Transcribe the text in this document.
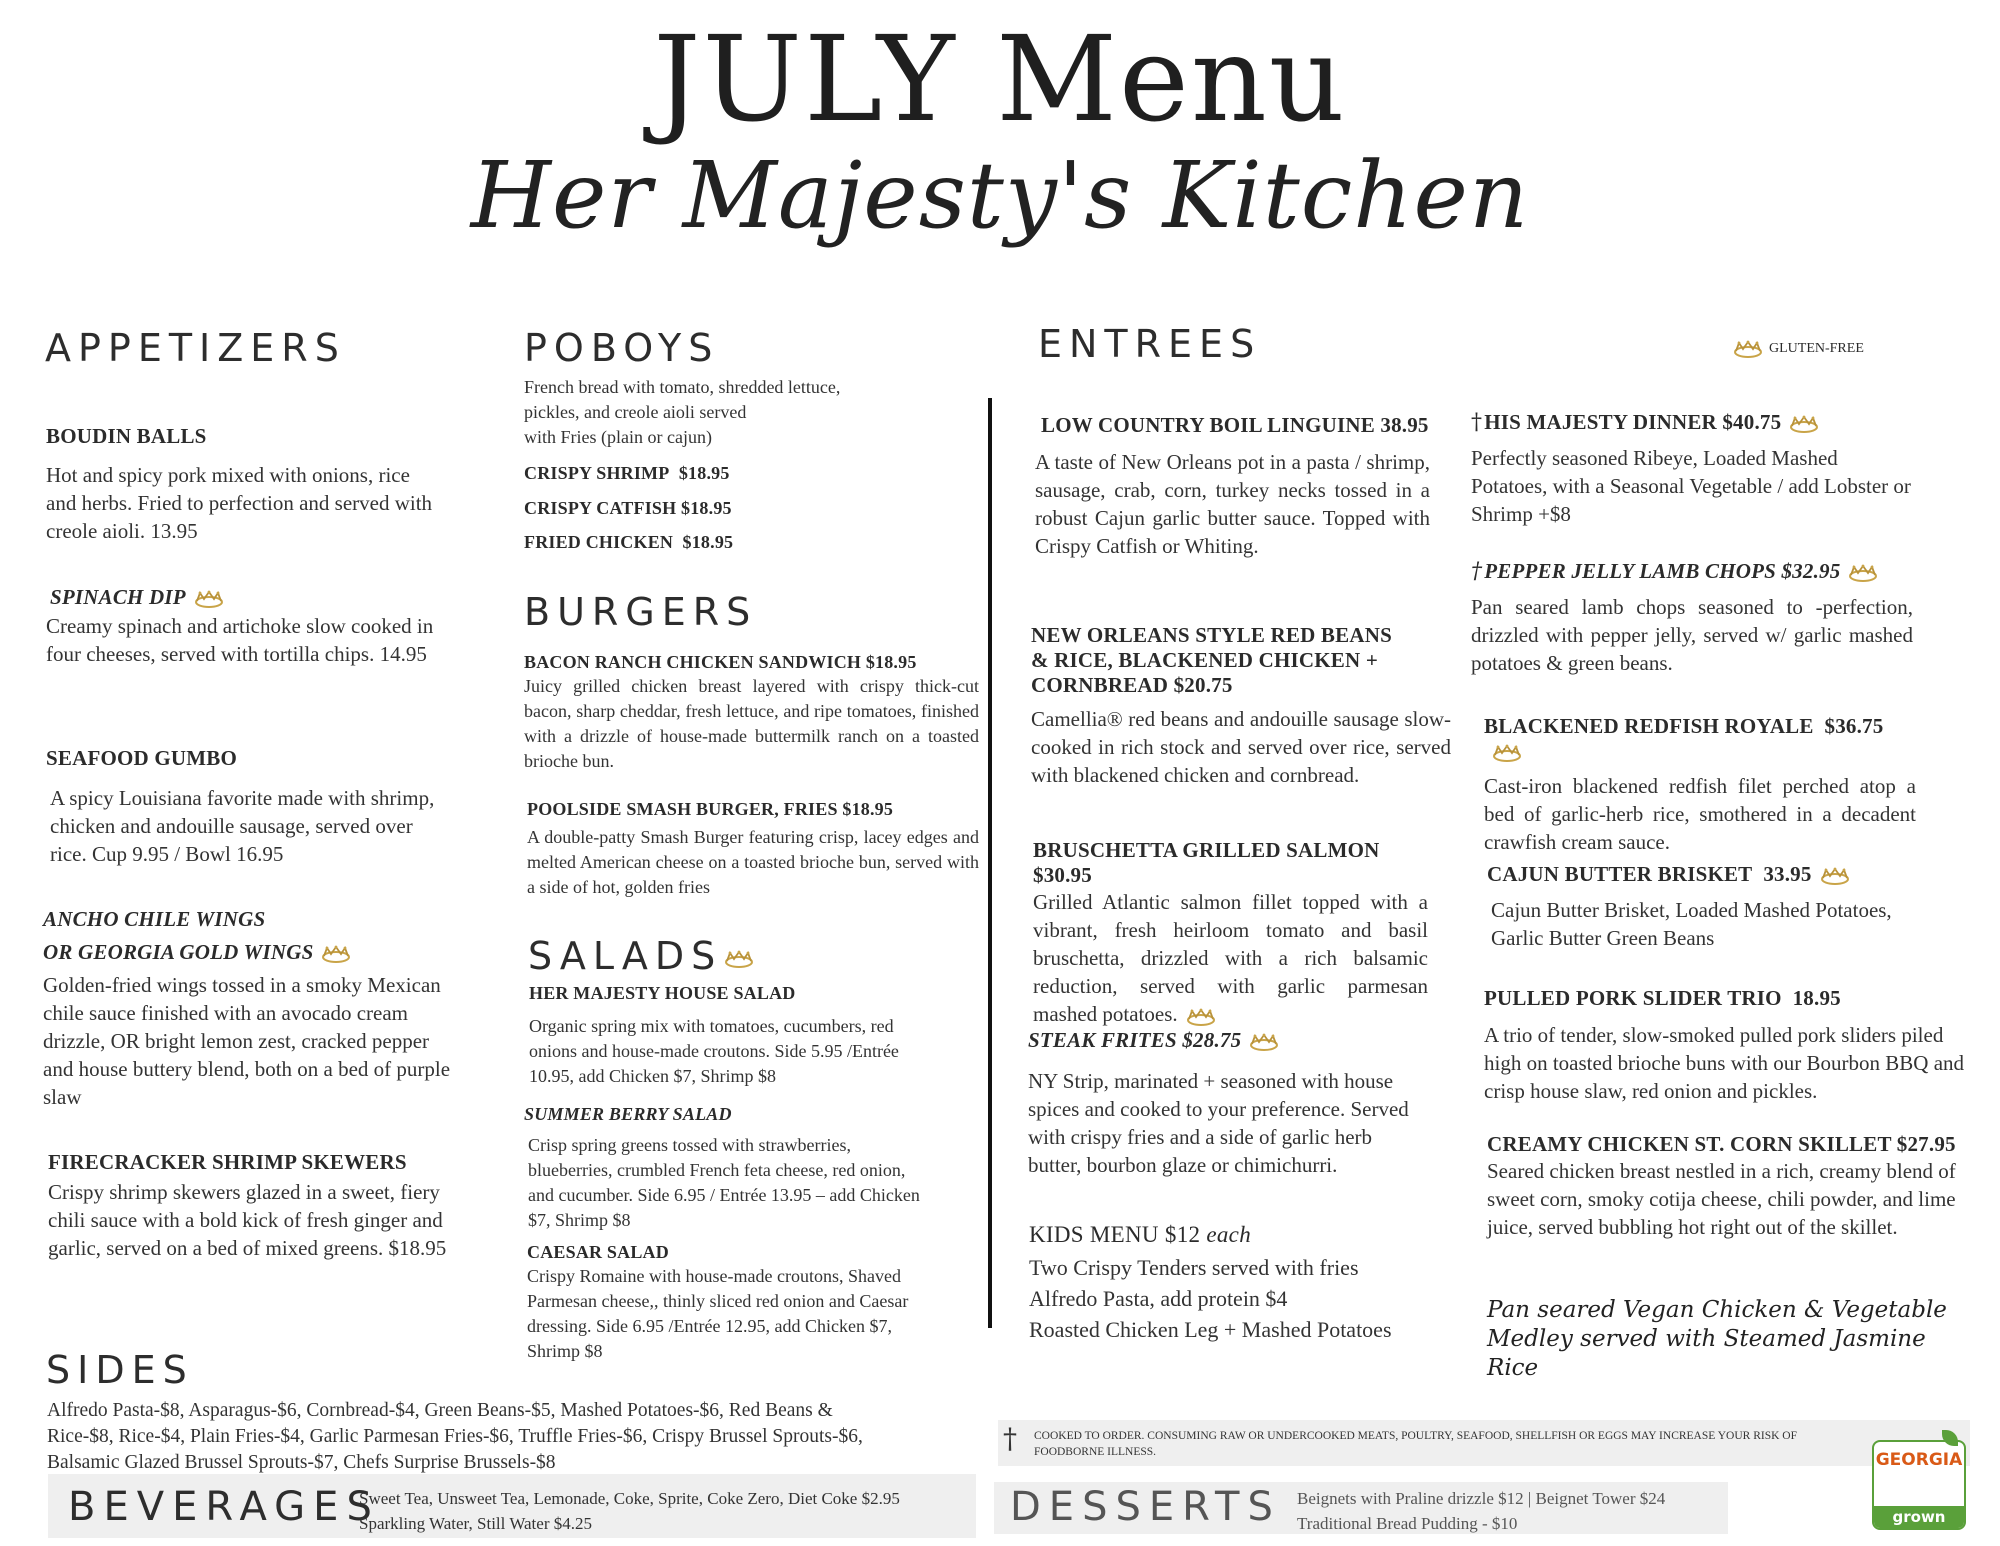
JULY Menu
Her Majesty's Kitchen
GLUTEN-FREE
APPETIZERS
BOUDIN BALLS
Hot and spicy pork mixed with onions, rice and herbs. Fried to perfection and served with creole aioli. 13.95
SPINACH DIP
Creamy spinach and artichoke slow cooked in four cheeses, served with tortilla chips. 14.95
SEAFOOD GUMBO
A spicy Louisiana favorite made with shrimp, chicken and andouille sausage, served over rice. Cup 9.95 / Bowl 16.95
ANCHO CHILE WINGS
OR GEORGIA GOLD WINGS
Golden-fried wings tossed in a smoky Mexican chile sauce finished with an avocado cream drizzle, OR bright lemon zest, cracked pepper and house buttery blend, both on a bed of purple slaw
FIRECRACKER SHRIMP SKEWERS
Crispy shrimp skewers glazed in a sweet, fiery chili sauce with a bold kick of fresh ginger and garlic, served on a bed of mixed greens. $18.95
POBOYS
French bread with tomato, shredded lettuce,
pickles, and creole aioli served
with Fries (plain or cajun)
CRISPY SHRIMP $18.95
CRISPY CATFISH $18.95
FRIED CHICKEN $18.95
BURGERS
BACON RANCH CHICKEN SANDWICH $18.95
Juicy grilled chicken breast layered with crispy thick-cut bacon, sharp cheddar, fresh lettuce, and ripe tomatoes, finished with a drizzle of house-made buttermilk ranch on a toasted brioche bun.
POOLSIDE SMASH BURGER, FRIES $18.95
A double-patty Smash Burger featuring crisp, lacey edges and melted American cheese on a toasted brioche bun, served with a side of hot, golden fries
SALADS
HER MAJESTY HOUSE SALAD
Organic spring mix with tomatoes, cucumbers, red onions and house-made croutons. Side 5.95 /Entrée 10.95, add Chicken $7, Shrimp $8
SUMMER BERRY SALAD
Crisp spring greens tossed with strawberries, blueberries, crumbled French feta cheese, red onion, and cucumber. Side 6.95 / Entrée 13.95 – add Chicken $7, Shrimp $8
CAESAR SALAD
Crispy Romaine with house-made croutons, Shaved Parmesan cheese,, thinly sliced red onion and Caesar dressing. Side 6.95 /Entrée 12.95, add Chicken $7, Shrimp $8
ENTREES
LOW COUNTRY BOIL LINGUINE 38.95
A taste of New Orleans pot in a pasta / shrimp, sausage, crab, corn, turkey necks tossed in a robust Cajun garlic butter sauce. Topped with Crispy Catfish or Whiting.
NEW ORLEANS STYLE RED BEANS
& RICE, BLACKENED CHICKEN +
CORNBREAD $20.75
Camellia® red beans and andouille sausage slow-cooked in rich stock and served over rice, served with blackened chicken and cornbread.
BRUSCHETTA GRILLED SALMON $30.95
Grilled Atlantic salmon fillet topped with a vibrant, fresh heirloom tomato and basil bruschetta, drizzled with a rich balsamic reduction, served with garlic parmesan mashed potatoes.
STEAK FRITES $28.75
NY Strip, marinated + seasoned with house spices and cooked to your preference. Served with crispy fries and a side of garlic herb butter, bourbon glaze or chimichurri.
KIDS MENU $12 each
Two Crispy Tenders served with fries
Alfredo Pasta, add protein $4
Roasted Chicken Leg + Mashed Potatoes
†HIS MAJESTY DINNER $40.75
Perfectly seasoned Ribeye, Loaded Mashed Potatoes, with a Seasonal Vegetable / add Lobster or Shrimp +$8
†PEPPER JELLY LAMB CHOPS $32.95
Pan seared lamb chops seasoned to -perfection, drizzled with pepper jelly, served w/ garlic mashed potatoes & green beans.
BLACKENED REDFISH ROYALE $36.75
Cast-iron blackened redfish filet perched atop a bed of garlic-herb rice, smothered in a decadent crawfish cream sauce.
CAJUN BUTTER BRISKET 33.95
Cajun Butter Brisket, Loaded Mashed Potatoes, Garlic Butter Green Beans
PULLED PORK SLIDER TRIO 18.95
A trio of tender, slow-smoked pulled pork sliders piled high on toasted brioche buns with our Bourbon BBQ and crisp house slaw, red onion and pickles.
CREAMY CHICKEN ST. CORN SKILLET $27.95
Seared chicken breast nestled in a rich, creamy blend of sweet corn, smoky cotija cheese, chili powder, and lime juice, served bubbling hot right out of the skillet.
Pan seared Vegan Chicken & Vegetable
Medley served with Steamed Jasmine Rice
SIDES
Alfredo Pasta-$8, Asparagus-$6, Cornbread-$4, Green Beans-$5, Mashed Potatoes-$6, Red Beans &
Rice-$8, Rice-$4, Plain Fries-$4, Garlic Parmesan Fries-$6, Truffle Fries-$6, Crispy Brussel Sprouts-$6,
Balsamic Glazed Brussel Sprouts-$7, Chefs Surprise Brussels-$8
BEVERAGES
Sweet Tea, Unsweet Tea, Lemonade, Coke, Sprite, Coke Zero, Diet Coke $2.95
Sparkling Water, Still Water $4.25
† COOKED TO ORDER. CONSUMING RAW OR UNDERCOOKED MEATS, POULTRY, SEAFOOD, SHELLFISH OR EGGS MAY INCREASE YOUR RISK OF
FOODBORNE ILLNESS.
DESSERTS Beignets with Praline drizzle $12 | Beignet Tower $24
Traditional Bread Pudding - $10
GEORGIA
grown
